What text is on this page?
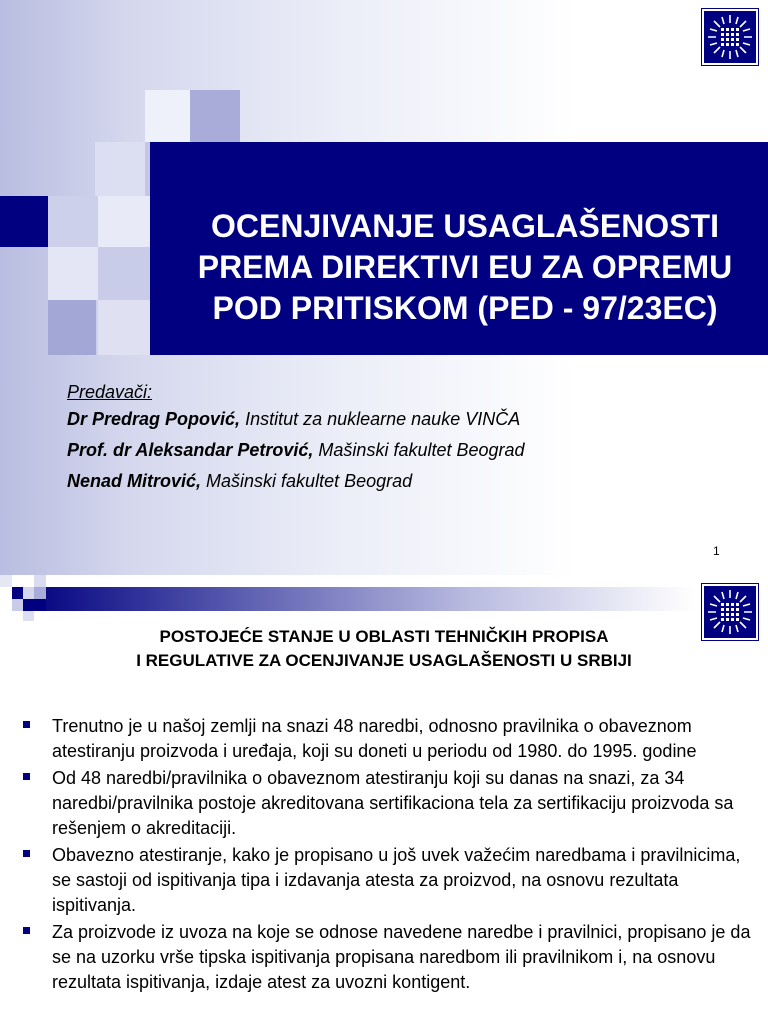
OCENJIVANJE USAGLAŠENOSTI
PREMA DIREKTIVI EU ZA OPREMU
POD PRITISKOM (PED - 97/23EC)
Predavači:
Dr Predrag Popović, Institut za nuklearne nauke VINČA
Prof. dr Aleksandar Petrović, Mašinski fakultet Beograd
Nenad Mitrović, Mašinski fakultet Beograd
1
POSTOJEĆE STANJE U OBLASTI TEHNIČKIH PROPISA
I REGULATIVE ZA OCENJIVANJE USAGLAŠENOSTI U SRBIJI
Trenutno je u našoj zemlji na snazi 48 naredbi, odnosno pravilnika o obaveznom atestiranju proizvoda i uređaja, koji su doneti u periodu od 1980. do 1995. godine
Od 48 naredbi/pravilnika o obaveznom atestiranju koji su danas na snazi, za 34 naredbi/pravilnika postoje akreditovana sertifikaciona tela za sertifikaciju proizvoda sa rešenjem o akreditaciji.
Obavezno atestiranje, kako je propisano u još uvek važećim naredbama i pravilnicima, se sastoji od ispitivanja tipa i izdavanja atesta za proizvod, na osnovu rezultata ispitivanja.
Za proizvode iz uvoza na koje se odnose navedene naredbe i pravilnici, propisano je da se na uzorku vrše tipska ispitivanja propisana naredbom ili pravilnikom i, na osnovu rezultata ispitivanja, izdaje atest za uvozni kontigent.
